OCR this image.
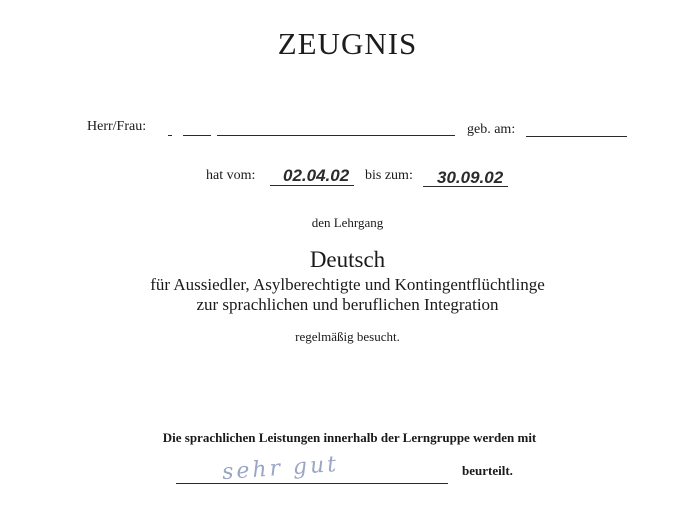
ZEUGNIS
Herr/Frau:	geb. am:
hat vom: 02.04.02 bis zum: 30.09.02
den Lehrgang
Deutsch
für Aussiedler, Asylberechtigte und Kontingentflüchtlinge
zur sprachlichen und beruflichen Integration
regelmäßig besucht.
Die sprachlichen Leistungen innerhalb der Lerngruppe werden mit
sehr gut	beurteilt.
